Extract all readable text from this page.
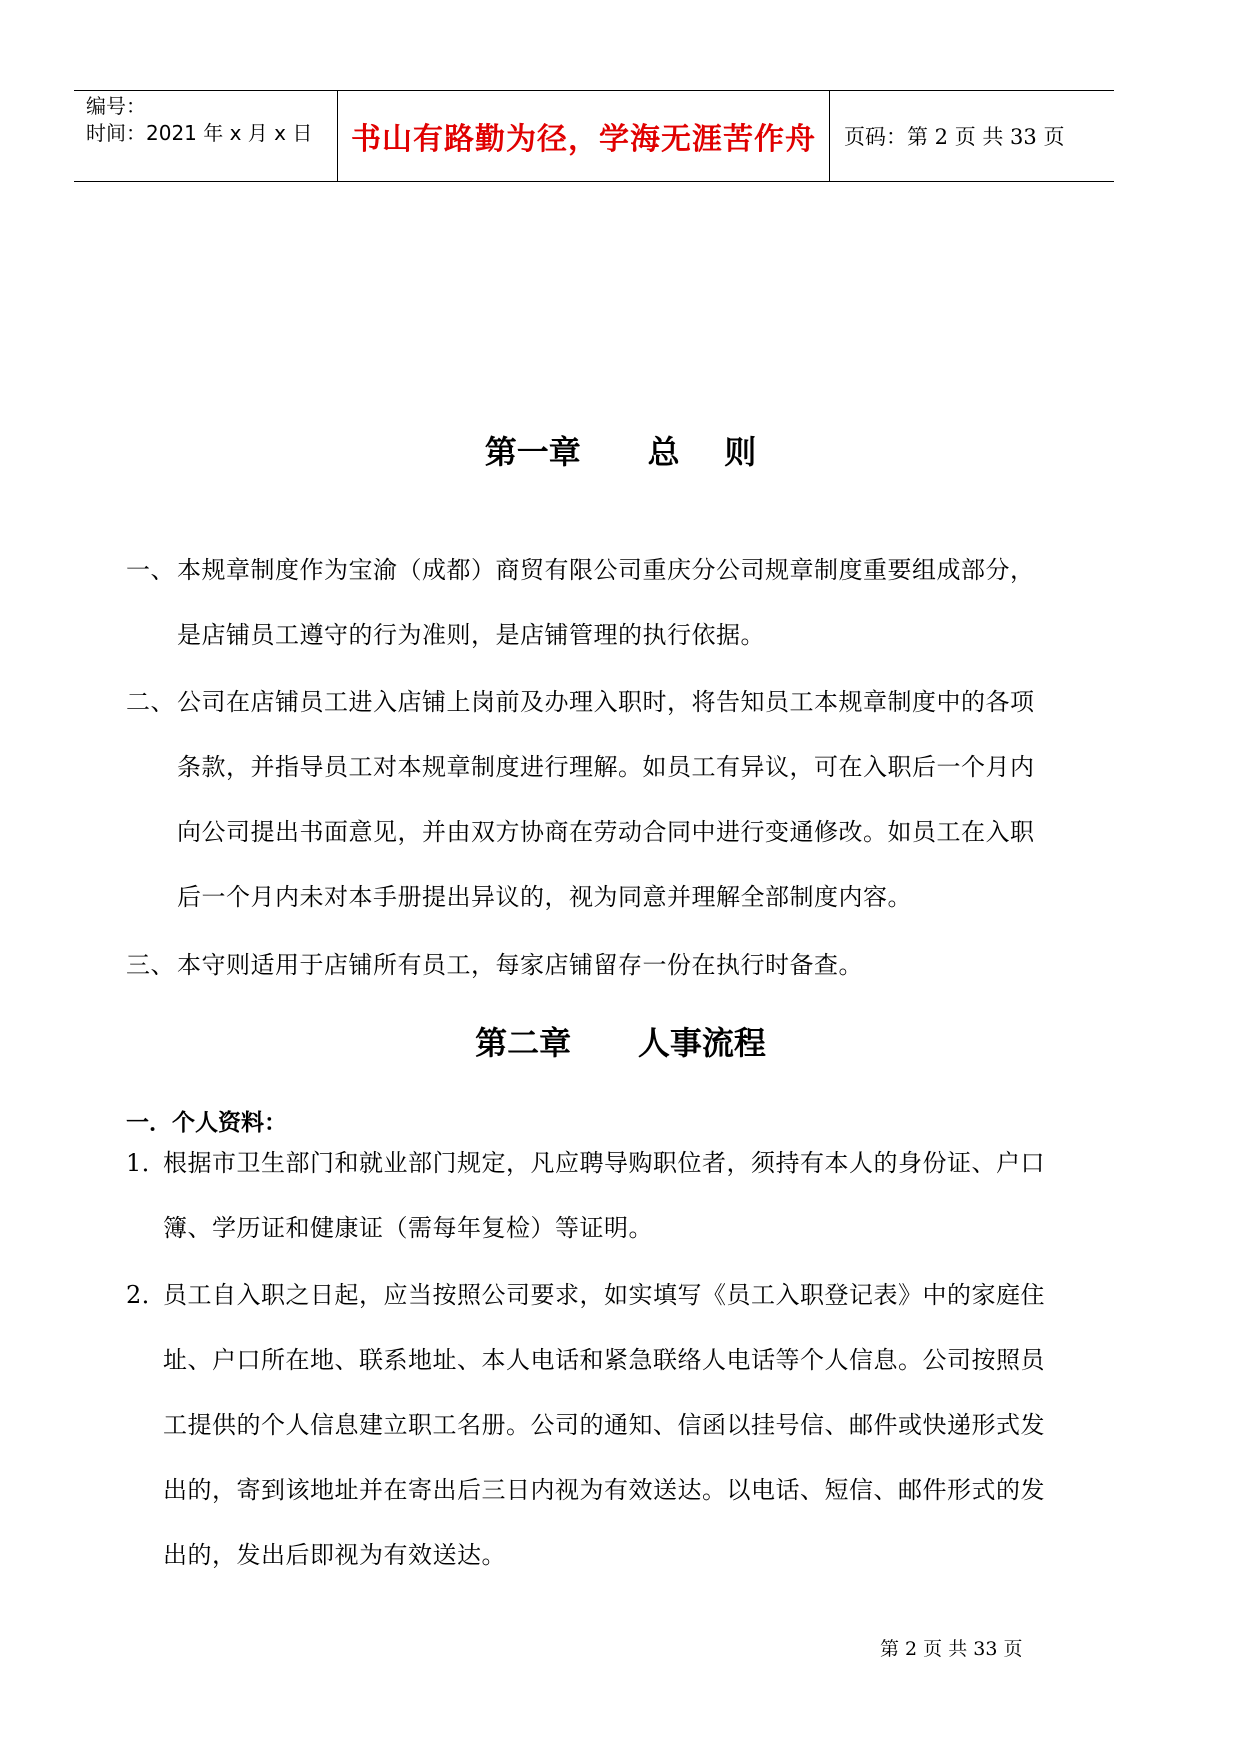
编号：
时间：2021 年 x 月 x 日	书山有路勤为径，学海无涯苦作舟	页码：第 2 页 共 33 页
第一章      总    则
一、 本规章制度作为宝渝（成都）商贸有限公司重庆分公司规章制度重要组成部分，是店铺员工遵守的行为准则，是店铺管理的执行依据。
二、 公司在店铺员工进入店铺上岗前及办理入职时，将告知员工本规章制度中的各项条款，并指导员工对本规章制度进行理解。如员工有异议，可在入职后一个月内向公司提出书面意见，并由双方协商在劳动合同中进行变通修改。如员工在入职后一个月内未对本手册提出异议的，视为同意并理解全部制度内容。
三、 本守则适用于店铺所有员工，每家店铺留存一份在执行时备查。
第二章      人事流程
一．个人资料：
1．
根据市卫生部门和就业部门规定，凡应聘导购职位者，须持有本人的身份证、户口簿、学历证和健康证（需每年复检）等证明。
2．
员工自入职之日起，应当按照公司要求，如实填写《员工入职登记表》中的家庭住址、户口所在地、联系地址、本人电话和紧急联络人电话等个人信息。公司按照员工提供的个人信息建立职工名册。公司的通知、信函以挂号信、邮件或快递形式发出的，寄到该地址并在寄出后三日内视为有效送达。以电话、短信、邮件形式的发出的，发出后即视为有效送达。
第 2 页 共 33 页
